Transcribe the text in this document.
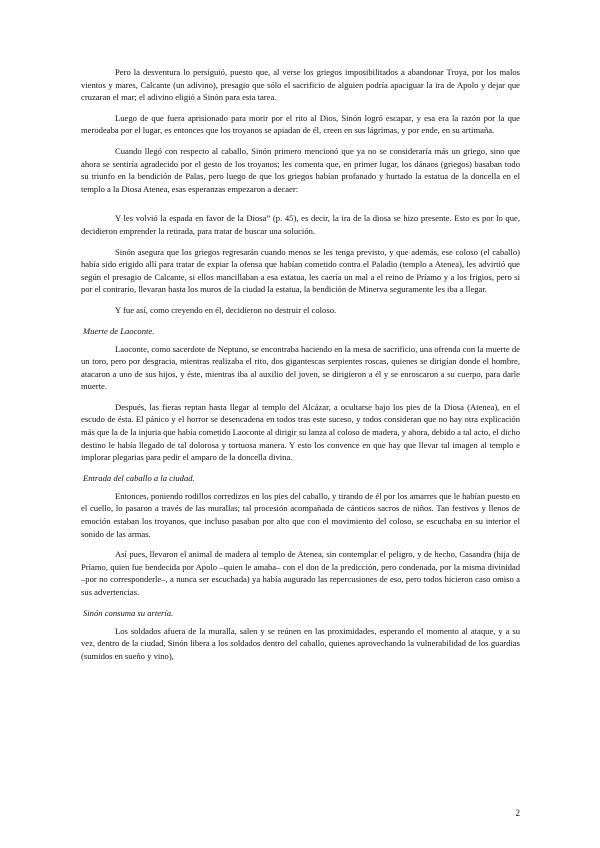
Pero la desventura lo persiguió, puesto que, al verse los griegos imposibilitados a abandonar Troya, por los malos vientos y mares, Calcante (un adivino), presagio que sólo el sacrificio de alguien podría apaciguar la ira de Apolo y dejar que cruzaran el mar; el adivino eligió a Sinón para esta tarea.

Luego de que fuera aprisionado para morir por el rito al Dios, Sinón logró escapar, y esa era la razón por la que merodeaba por el lugar, es entonces que los troyanos se apiadan de él, creen en sus lágrimas, y por ende, en su artimaña.

Cuando llegó con respecto al caballo, Sinón primero mencionó que ya no se consideraría más un griego, sino que ahora se sentiría agradecido por el gesto de los troyanos; les comenta que, en primer lugar, los dánaos (griegos) basaban todo su triunfo en la bendición de Palas, pero luego de que los griegos habían profanado y hurtado la estatua de la doncella en el templo a la Diosa Atenea, esas esperanzas empezaron a decaer:

Y les volvió la espada en favor de la Diosa” (p. 45), es decir, la ira de la diosa se hizo presente. Esto es por lo que, decidieron emprender la retirada, para tratar de buscar una solución.

Sinón asegura que los griegos regresarán cuando menos se les tenga previsto, y que además, ese coloso (el caballo) había sido erigido allí para tratar de expiar la ofensa que habían cometido contra el Paladio (templo a Atenea), les advirtió que según el presagio de Calcante, si ellos mancillaban a esa estatua, les caería un mal a el reino de Príamo y a los frigios, pero si por el contrario, llevaran hasta los muros de la ciudad la estatua, la bendición de Minerva seguramente les iba a llegar.

Y fue así, como creyendo en él, decidieron no destruir el coloso.

Muerte de Laoconte.

Laoconte, como sacerdote de Neptuno, se encontraba haciendo en la mesa de sacrificio, una ofrenda con la muerte de un toro, pero por desgracia, mientras realizaba el rito, dos gigantescas serpientes roscas, quienes se dirigían donde el hombre, atacaron a uno de sus hijos, y éste, mientras iba al auxilio del joven, se dirigieron a él y se enroscaron a su cuerpo, para darle muerte.

Después, las fieras reptan hasta llegar al templo del Alcázar, a ocultarse bajo los pies de la Diosa (Atenea), en el escudo de ésta. El pánico y el horror se desencadena en todos tras este suceso, y todos consideran que no hay otra explicación más que la de la injuria que había cometido Laoconte al dirigir su lanza al coloso de madera, y ahora, debido a tal acto, el dicho destino le había llegado de tal dolorosa y tortuosa manera. Y esto los convence en que hay que llevar tal imagen al templo e implorar plegarias para pedir el amparo de la doncella divina.

Entrada del caballo a la ciudad.

Entonces, poniendo rodillos corredizos en los pies del caballo, y tirando de él por los amarres que le habían puesto en el cuello, lo pasaron a través de las murallas; tal procesión acompañada de cánticos sacros de niños. Tan festivos y llenos de emoción estaban los troyanos, que incluso pasaban por alto que con el movimiento del coloso, se escuchaba en su interior el sonido de las armas.

Así pues, llevaron el animal de madera al templo de Atenea, sin contemplar el peligro, y de hecho, Casandra (hija de Príamo, quien fue bendecida por Apolo –quien le amaba– con el don de la predicción, pero condenada, por la misma divinidad –por no corresponderle–, a nunca ser escuchada) ya había augurado las repercusiones de eso, pero todos hicieron caso omiso a sus advertencias.

Sinón consuma su artería.

Los soldados afuera de la muralla, salen y se reúnen en las proximidades, esperando el momento al ataque, y a su vez, dentro de la ciudad, Sinón libera a los soldados dentro del caballo, quienes aprovechando la vulnerabilidad de los guardias (sumidos en sueño y vino),

2
